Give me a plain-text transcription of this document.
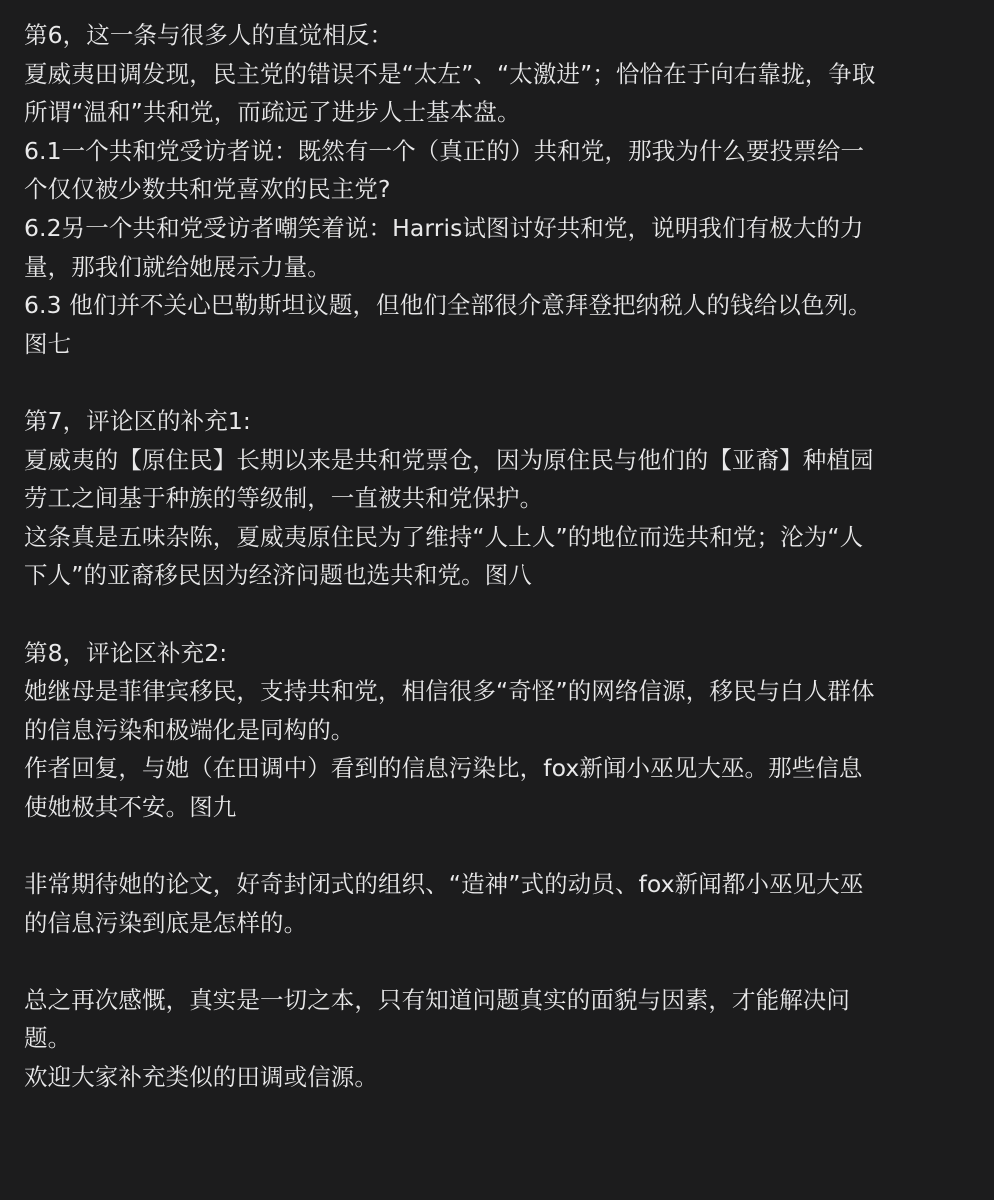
第6，这一条与很多人的直觉相反：
夏威夷田调发现，民主党的错误不是“太左”、“太激进”；恰恰在于向右靠拢，争取
所谓“温和”共和党，而疏远了进步人士基本盘。
6.1一个共和党受访者说：既然有一个（真正的）共和党，那我为什么要投票给一
个仅仅被少数共和党喜欢的民主党?
6.2另一个共和党受访者嘲笑着说：Harris试图讨好共和党，说明我们有极大的力
量，那我们就给她展示力量。
6.3 他们并不关心巴勒斯坦议题，但他们全部很介意拜登把纳税人的钱给以色列。
图七
第7，评论区的补充1:
夏威夷的【原住民】长期以来是共和党票仓，因为原住民与他们的【亚裔】种植园
劳工之间基于种族的等级制，一直被共和党保护。
这条真是五味杂陈，夏威夷原住民为了维持“人上人”的地位而选共和党；沦为“人
下人”的亚裔移民因为经济问题也选共和党。图八
第8，评论区补充2:
她继母是菲律宾移民，支持共和党，相信很多“奇怪”的网络信源，移民与白人群体
的信息污染和极端化是同构的。
作者回复，与她（在田调中）看到的信息污染比，fox新闻小巫见大巫。那些信息
使她极其不安。图九
非常期待她的论文，好奇封闭式的组织、“造神”式的动员、fox新闻都小巫见大巫
的信息污染到底是怎样的。
总之再次感慨，真实是一切之本，只有知道问题真实的面貌与因素，才能解决问
题。
欢迎大家补充类似的田调或信源。
